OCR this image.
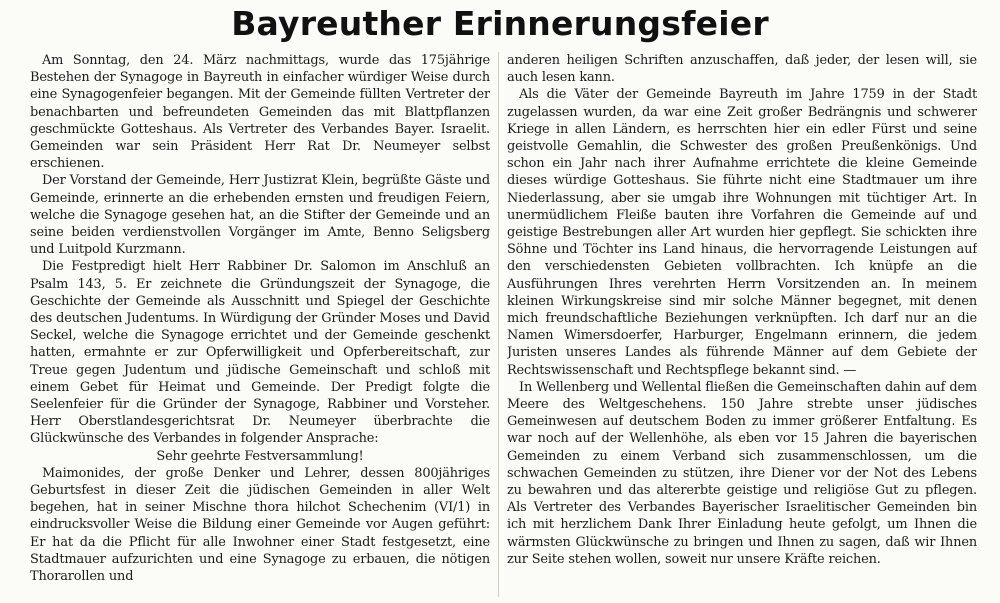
Bayreuther Erinnerungsfeier

Am Sonntag, den 24. März nachmittags, wurde das 175jährige Bestehen der Synagoge in Bayreuth in einfacher würdiger Weise durch eine Synagogenfeier begangen. Mit der Gemeinde füllten Vertreter der benachbarten und befreundeten Gemeinden das mit Blattpflanzen geschmückte Gotteshaus. Als Vertreter des Verbandes Bayer. Israelit. Gemeinden war sein Präsident Herr Rat Dr. Neumeyer selbst erschienen.

Der Vorstand der Gemeinde, Herr Justizrat Klein, begrüßte Gäste und Gemeinde, erinnerte an die erhebenden ernsten und freudigen Feiern, welche die Synagoge gesehen hat, an die Stifter der Gemeinde und an seine beiden verdienstvollen Vorgänger im Amte, Benno Seligsberg und Luitpold Kurzmann.

Die Festpredigt hielt Herr Rabbiner Dr. Salomon im Anschluß an Psalm 143, 5. Er zeichnete die Gründungszeit der Synagoge, die Geschichte der Gemeinde als Ausschnitt und Spiegel der Geschichte des deutschen Judentums. In Würdigung der Gründer Moses und David Seckel, welche die Synagoge errichtet und der Gemeinde geschenkt hatten, ermahnte er zur Opferwilligkeit und Opferbereitschaft, zur Treue gegen Judentum und jüdische Gemeinschaft und schloß mit einem Gebet für Heimat und Gemeinde. Der Predigt folgte die Seelenfeier für die Gründer der Synagoge, Rabbiner und Vorsteher. Herr Oberstlandesgerichtsrat Dr. Neumeyer überbrachte die Glückwünsche des Verbandes in folgender Ansprache:

Sehr geehrte Festversammlung!

Maimonides, der große Denker und Lehrer, dessen 800jähriges Geburtsfest in dieser Zeit die jüdischen Gemeinden in aller Welt begehen, hat in seiner Mischne thora hilchot Schechenim (VI/1) in eindrucksvoller Weise die Bildung einer Gemeinde vor Augen geführt: Er hat da die Pflicht für alle Inwohner einer Stadt festgesetzt, eine Stadtmauer aufzurichten und eine Synagoge zu erbauen, die nötigen Thorarollen und

anderen heiligen Schriften anzuschaffen, daß jeder, der lesen will, sie auch lesen kann.

Als die Väter der Gemeinde Bayreuth im Jahre 1759 in der Stadt zugelassen wurden, da war eine Zeit großer Bedrängnis und schwerer Kriege in allen Ländern, es herrschten hier ein edler Fürst und seine geistvolle Gemahlin, die Schwester des großen Preußenkönigs. Und schon ein Jahr nach ihrer Aufnahme errichtete die kleine Gemeinde dieses würdige Gotteshaus. Sie führte nicht eine Stadtmauer um ihre Niederlassung, aber sie umgab ihre Wohnungen mit tüchtiger Art. In unermüdlichem Fleiße bauten ihre Vorfahren die Gemeinde auf und geistige Bestrebungen aller Art wurden hier gepflegt. Sie schickten ihre Söhne und Töchter ins Land hinaus, die hervorragende Leistungen auf den verschiedensten Gebieten vollbrachten. Ich knüpfe an die Ausführungen Ihres verehrten Herrn Vorsitzenden an. In meinem kleinen Wirkungskreise sind mir solche Männer begegnet, mit denen mich freundschaftliche Beziehungen verknüpften. Ich darf nur an die Namen Wimersdoerfer, Harburger, Engelmann erinnern, die jedem Juristen unseres Landes als führende Männer auf dem Gebiete der Rechtswissenschaft und Rechtspflege bekannt sind. —

In Wellenberg und Wellental fließen die Gemeinschaften dahin auf dem Meere des Weltgeschehens. 150 Jahre strebte unser jüdisches Gemeinwesen auf deutschem Boden zu immer größerer Entfaltung. Es war noch auf der Wellenhöhe, als eben vor 15 Jahren die bayerischen Gemeinden zu einem Verband sich zusammenschlossen, um die schwachen Gemeinden zu stützen, ihre Diener vor der Not des Lebens zu bewahren und das altererbte geistige und religiöse Gut zu pflegen. Als Vertreter des Verbandes Bayerischer Israelitischer Gemeinden bin ich mit herzlichem Dank Ihrer Einladung heute gefolgt, um Ihnen die wärmsten Glückwünsche zu bringen und Ihnen zu sagen, daß wir Ihnen zur Seite stehen wollen, soweit nur unsere Kräfte reichen.
